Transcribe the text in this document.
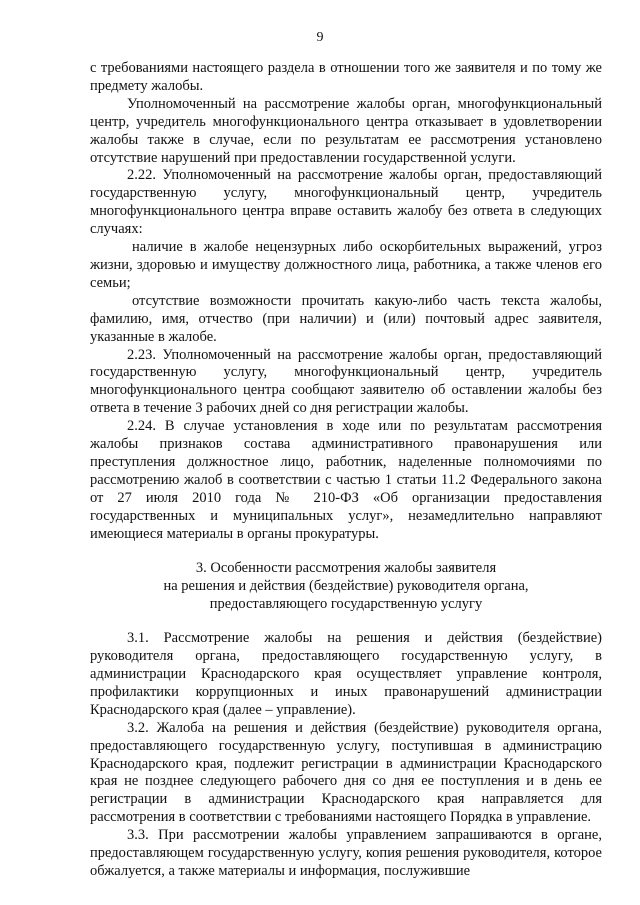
9

с требованиями настоящего раздела в отношении того же заявителя и по тому же предмету жалобы.

Уполномоченный на рассмотрение жалобы орган, многофункциональный центр, учредитель многофункционального центра отказывает в удовлетворении жалобы также в случае, если по результатам ее рассмотрения установлено отсутствие нарушений при предоставлении государственной услуги.

2.22. Уполномоченный на рассмотрение жалобы орган, предоставляющий государственную услугу, многофункциональный центр, учредитель многофункционального центра вправе оставить жалобу без ответа в следующих случаях:

наличие в жалобе нецензурных либо оскорбительных выражений, угроз жизни, здоровью и имуществу должностного лица, работника, а также членов его семьи;

отсутствие возможности прочитать какую-либо часть текста жалобы, фамилию, имя, отчество (при наличии) и (или) почтовый адрес заявителя, указанные в жалобе.

2.23. Уполномоченный на рассмотрение жалобы орган, предоставляющий государственную услугу, многофункциональный центр, учредитель многофункционального центра сообщают заявителю об оставлении жалобы без ответа в течение 3 рабочих дней со дня регистрации жалобы.

2.24. В случае установления в ходе или по результатам рассмотрения жалобы признаков состава административного правонарушения или преступления должностное лицо, работник, наделенные полномочиями по рассмотрению жалоб в соответствии с частью 1 статьи 11.2 Федерального закона от 27 июля 2010 года № 210-ФЗ «Об организации предоставления государственных и муниципальных услуг», незамедлительно направляют имеющиеся материалы в органы прокуратуры.

3. Особенности рассмотрения жалобы заявителя
на решения и действия (бездействие) руководителя органа,
предоставляющего государственную услугу

3.1. Рассмотрение жалобы на решения и действия (бездействие) руководителя органа, предоставляющего государственную услугу, в администрации Краснодарского края осуществляет управление контроля, профилактики коррупционных и иных правонарушений администрации Краснодарского края (далее – управление).

3.2. Жалоба на решения и действия (бездействие) руководителя органа, предоставляющего государственную услугу, поступившая в администрацию Краснодарского края, подлежит регистрации в администрации Краснодарского края не позднее следующего рабочего дня со дня ее поступления и в день ее регистрации в администрации Краснодарского края направляется для рассмотрения в соответствии с требованиями настоящего Порядка в управление.

3.3. При рассмотрении жалобы управлением запрашиваются в органе, предоставляющем государственную услугу, копия решения руководителя, которое обжалуется, а также материалы и информация, послужившие
